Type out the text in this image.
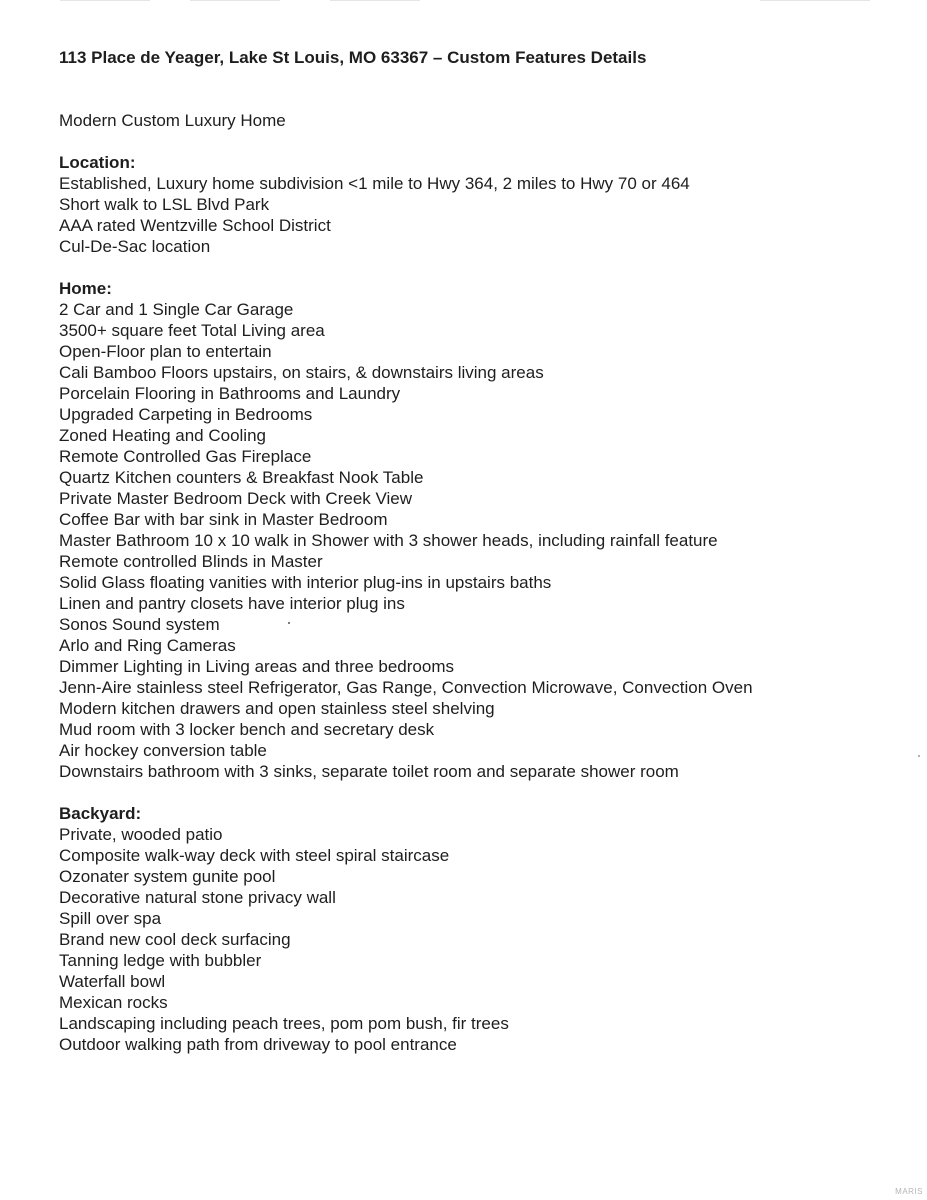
113 Place de Yeager, Lake St Louis, MO 63367 – Custom Features Details

Modern Custom Luxury Home

Location:

Established, Luxury home subdivision <1 mile to Hwy 364, 2 miles to Hwy 70 or 464

Short walk to LSL Blvd Park

AAA rated Wentzville School District

Cul-De-Sac location

Home:

2 Car and 1 Single Car Garage

3500+ square feet Total Living area

Open-Floor plan to entertain

Cali Bamboo Floors upstairs, on stairs, & downstairs living areas

Porcelain Flooring in Bathrooms and Laundry

Upgraded Carpeting in Bedrooms

Zoned Heating and Cooling

Remote Controlled Gas Fireplace

Quartz Kitchen counters & Breakfast Nook Table

Private Master Bedroom Deck with Creek View

Coffee Bar with bar sink in Master Bedroom

Master Bathroom 10 x 10 walk in Shower with 3 shower heads, including rainfall feature

Remote controlled Blinds in Master

Solid Glass floating vanities with interior plug-ins in upstairs baths

Linen and pantry closets have interior plug ins

Sonos Sound system

Arlo and Ring Cameras

Dimmer Lighting in Living areas and three bedrooms

Jenn-Aire stainless steel Refrigerator, Gas Range, Convection Microwave, Convection Oven

Modern kitchen drawers and open stainless steel shelving

Mud room with 3 locker bench and secretary desk

Air hockey conversion table

Downstairs bathroom with 3 sinks, separate toilet room and separate shower room

Backyard:

Private, wooded patio

Composite walk-way deck with steel spiral staircase

Ozonater system gunite pool

Decorative natural stone privacy wall

Spill over spa

Brand new cool deck surfacing

Tanning ledge with bubbler

Waterfall bowl

Mexican rocks

Landscaping including peach trees, pom pom bush, fir trees

Outdoor walking path from driveway to pool entrance

MARIS
